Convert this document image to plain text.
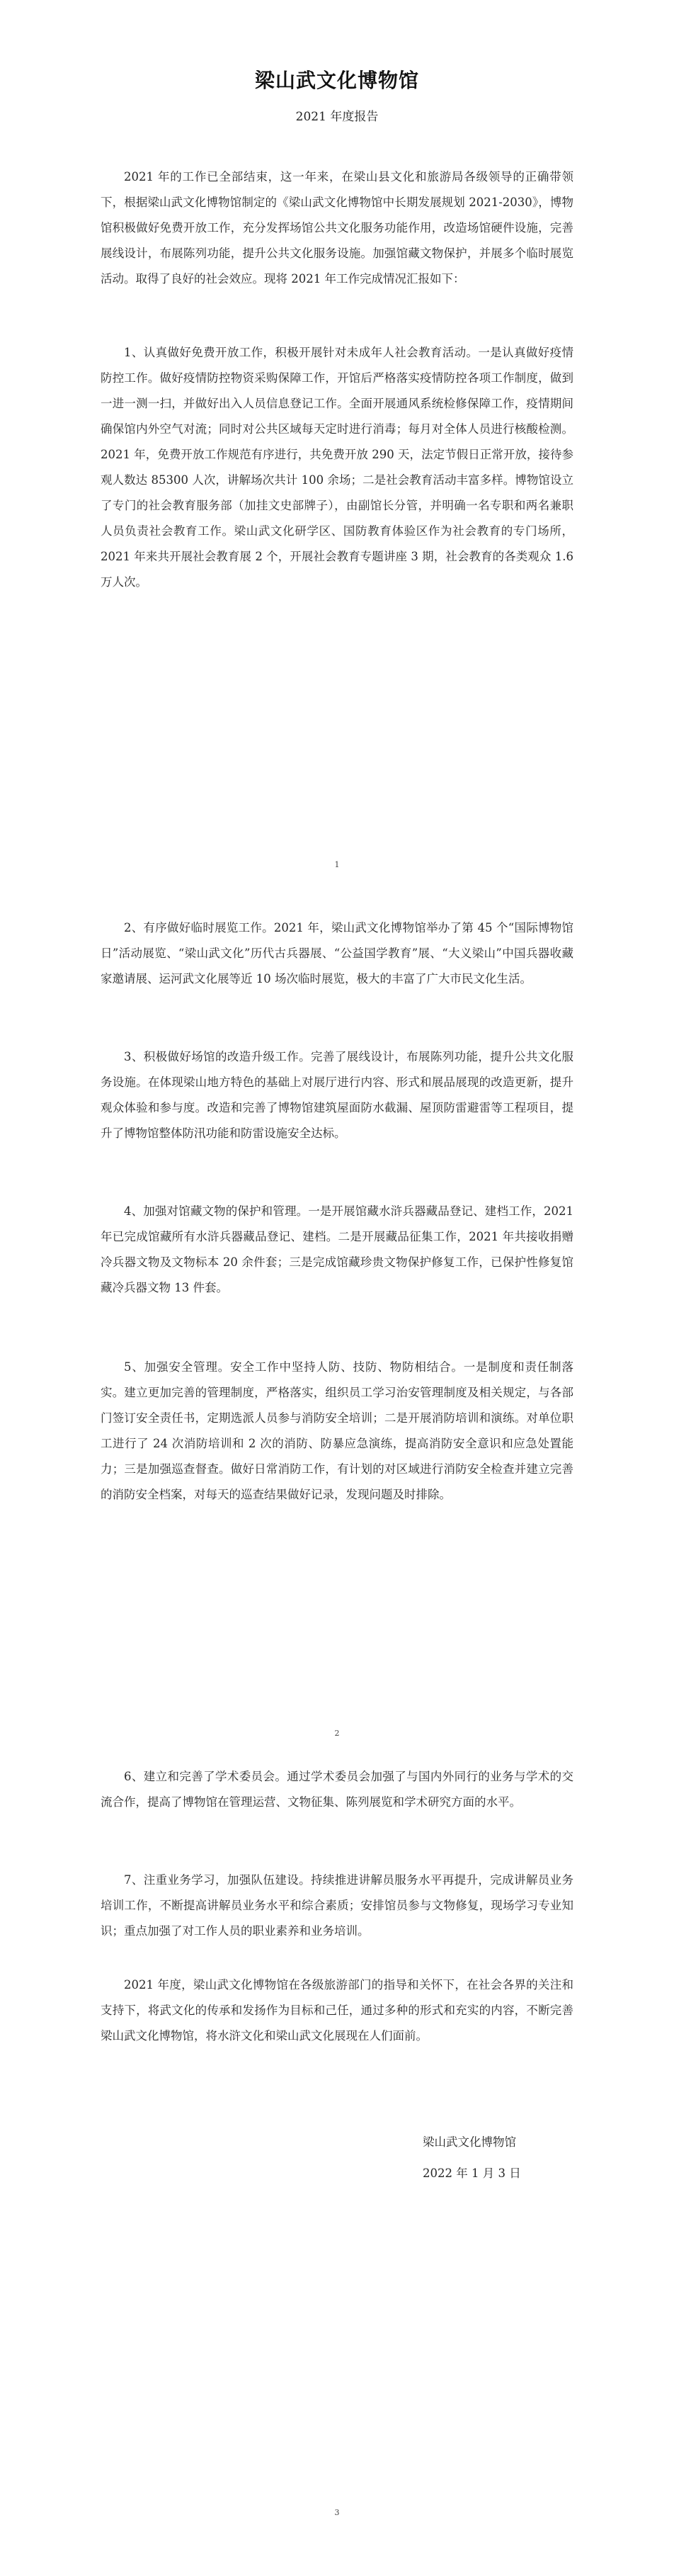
梁山武文化博物馆
2021 年度报告

2021 年的工作已全部结束，这一年来，在梁山县文化和旅游局各级领导的正确带领下，根据梁山武文化博物馆制定的《梁山武文化博物馆中长期发展规划 2021-2030》，博物馆积极做好免费开放工作，充分发挥场馆公共文化服务功能作用，改造场馆硬件设施，完善展线设计，布展陈列功能，提升公共文化服务设施。加强馆藏文物保护，并展多个临时展览活动。取得了良好的社会效应。现将 2021 年工作完成情况汇报如下：

1、认真做好免费开放工作，积极开展针对未成年人社会教育活动。一是认真做好疫情防控工作。做好疫情防控物资采购保障工作，开馆后严格落实疫情防控各项工作制度，做到一进一测一扫，并做好出入人员信息登记工作。全面开展通风系统检修保障工作，疫情期间确保馆内外空气对流；同时对公共区域每天定时进行消毒；每月对全体人员进行核酸检测。2021 年，免费开放工作规范有序进行，共免费开放 290 天，法定节假日正常开放，接待参观人数达 85300 人次，讲解场次共计 100 余场；二是社会教育活动丰富多样。博物馆设立了专门的社会教育服务部（加挂文史部牌子），由副馆长分管，并明确一名专职和两名兼职人员负责社会教育工作。梁山武文化研学区、国防教育体验区作为社会教育的专门场所，2021 年来共开展社会教育展 2 个，开展社会教育专题讲座 3 期，社会教育的各类观众 1.6 万人次。

1

2、有序做好临时展览工作。2021 年，梁山武文化博物馆举办了第 45 个“国际博物馆日”活动展览、“梁山武文化”历代古兵器展、“公益国学教育”展、“大义梁山”中国兵器收藏家邀请展、运河武文化展等近 10 场次临时展览，极大的丰富了广大市民文化生活。

3、积极做好场馆的改造升级工作。完善了展线设计，布展陈列功能，提升公共文化服务设施。在体现梁山地方特色的基础上对展厅进行内容、形式和展品展现的改造更新，提升观众体验和参与度。改造和完善了博物馆建筑屋面防水截漏、屋顶防雷避雷等工程项目，提升了博物馆整体防汛功能和防雷设施安全达标。

4、加强对馆藏文物的保护和管理。一是开展馆藏水浒兵器藏品登记、建档工作，2021 年已完成馆藏所有水浒兵器藏品登记、建档。二是开展藏品征集工作，2021 年共接收捐赠冷兵器文物及文物标本 20 余件套；三是完成馆藏珍贵文物保护修复工作，已保护性修复馆藏冷兵器文物 13 件套。

5、加强安全管理。安全工作中坚持人防、技防、物防相结合。一是制度和责任制落实。建立更加完善的管理制度，严格落实，组织员工学习治安管理制度及相关规定，与各部门签订安全责任书，定期选派人员参与消防安全培训；二是开展消防培训和演练。对单位职工进行了 24 次消防培训和 2 次的消防、防暴应急演练，提高消防安全意识和应急处置能力；三是加强巡查督查。做好日常消防工作，有计划的对区域进行消防安全检查并建立完善的消防安全档案，对每天的巡查结果做好记录，发现问题及时排除。

2

6、建立和完善了学术委员会。通过学术委员会加强了与国内外同行的业务与学术的交流合作，提高了博物馆在管理运营、文物征集、陈列展览和学术研究方面的水平。

7、注重业务学习，加强队伍建设。持续推进讲解员服务水平再提升，完成讲解员业务培训工作，不断提高讲解员业务水平和综合素质；安排馆员参与文物修复，现场学习专业知识；重点加强了对工作人员的职业素养和业务培训。

2021 年度，梁山武文化博物馆在各级旅游部门的指导和关怀下，在社会各界的关注和支持下，将武文化的传承和发扬作为目标和己任，通过多种的形式和充实的内容，不断完善梁山武文化博物馆，将水浒文化和梁山武文化展现在人们面前。

梁山武文化博物馆

2022 年 1 月 3 日

3
